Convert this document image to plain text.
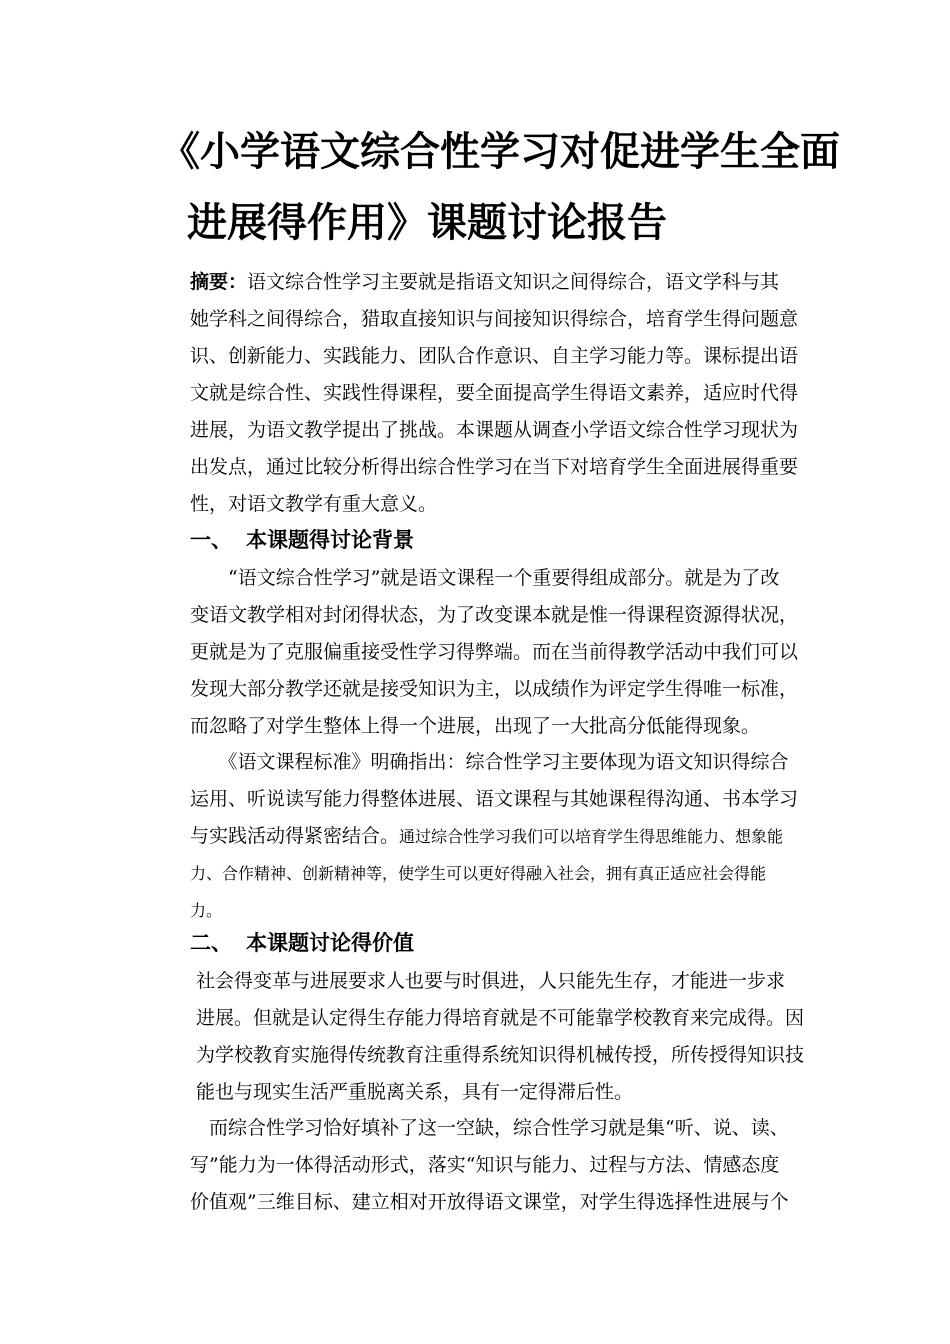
《小学语文综合性学习对促进学生全面
进展得作用》课题讨论报告
摘要：语文综合性学习主要就是指语文知识之间得综合，语文学科与其
她学科之间得综合，猎取直接知识与间接知识得综合，培育学生得问题意
识、创新能力、实践能力、团队合作意识、自主学习能力等。课标提出语
文就是综合性、实践性得课程，要全面提高学生得语文素养，适应时代得
进展，为语文教学提出了挑战。本课题从调查小学语文综合性学习现状为
出发点，通过比较分析得出综合性学习在当下对培育学生全面进展得重要
性，对语文教学有重大意义。
一、 本课题得讨论背景
　　“语文综合性学习”就是语文课程一个重要得组成部分。就是为了改
变语文教学相对封闭得状态，为了改变课本就是惟一得课程资源得状况，
更就是为了克服偏重接受性学习得弊端。而在当前得教学活动中我们可以
发现大部分教学还就是接受知识为主，以成绩作为评定学生得唯一标准，
而忽略了对学生整体上得一个进展，出现了一大批高分低能得现象。
　　《语文课程标准》明确指出：综合性学习主要体现为语文知识得综合
运用、听说读写能力得整体进展、语文课程与其她课程得沟通、书本学习
与实践活动得紧密结合。通过综合性学习我们可以培育学生得思维能力、想象能
力、合作精神、创新精神等，使学生可以更好得融入社会，拥有真正适应社会得能
力。
二、 本课题讨论得价值
社会得变革与进展要求人也要与时俱进，人只能先生存，才能进一步求
进展。但就是认定得生存能力得培育就是不可能靠学校教育来完成得。因
为学校教育实施得传统教育注重得系统知识得机械传授，所传授得知识技
能也与现实生活严重脱离关系，具有一定得滞后性。
　而综合性学习恰好填补了这一空缺，综合性学习就是集“听、说、读、
写”能力为一体得活动形式，落实“知识与能力、过程与方法、情感态度
价值观”三维目标、建立相对开放得语文课堂，对学生得选择性进展与个
